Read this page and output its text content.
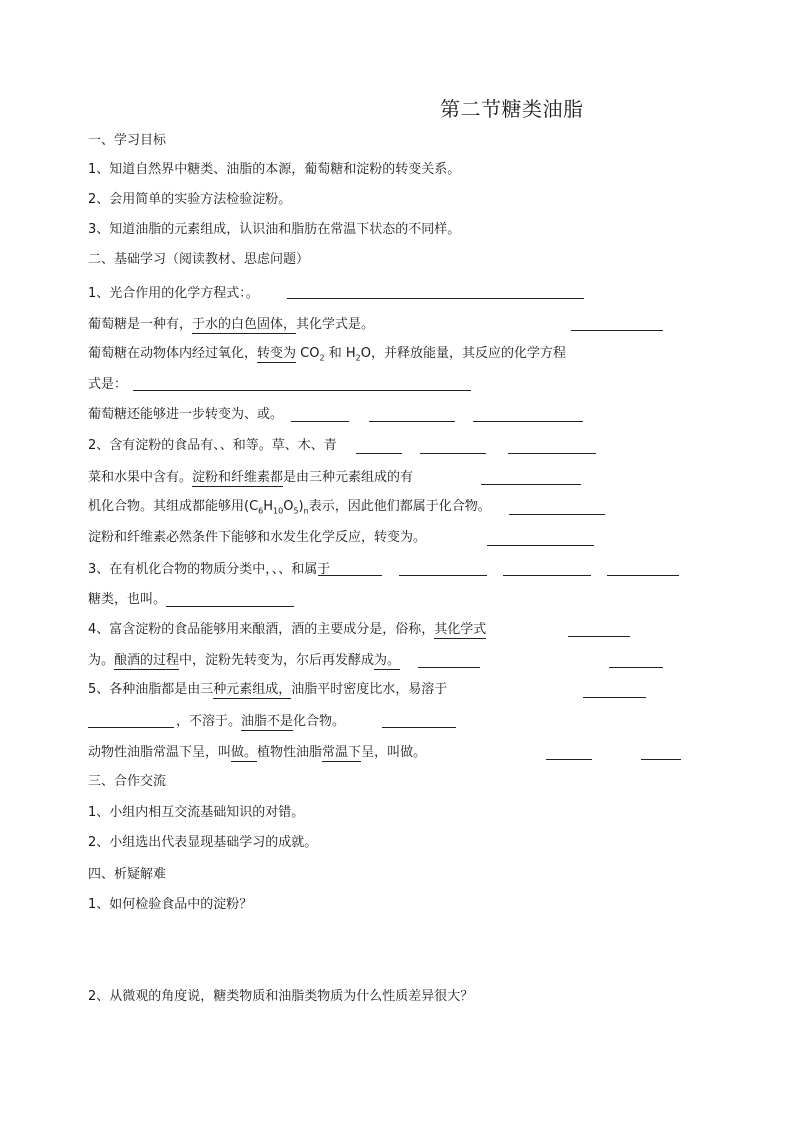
第二节糖类油脂
一、学习目标
1、知道自然界中糖类、油脂的本源，葡萄糖和淀粉的转变关系。
2、会用简单的实验方法检验淀粉。
3、知道油脂的元素组成，认识油和脂肪在常温下状态的不同样。
二、基础学习（阅读教材、思虑问题）
1、光合作用的化学方程式：。
葡萄糖是一种有，于水的白色固体，其化学式是。
葡萄糖在动物体内经过氧化，转变为 $CO_2$ 和 $H_2O$，并释放能量，其反应的化学方程
式是：
葡萄糖还能够进一步转变为、或。
2、含有淀粉的食品有、、和等。草、木、青
菜和水果中含有。淀粉和纤维素都是由三种元素组成的有
机化合物。其组成都能够用$(C_6H_{10}O_5)_n$表示，因此他们都属于化合物。
淀粉和纤维素必然条件下能够和水发生化学反应，转变为。
3、在有机化合物的物质分类中，、、和属于
糖类，也叫。
4、富含淀粉的食品能够用来酿酒，酒的主要成分是，俗称，其化学式
为。酿酒的过程中，淀粉先转变为，尔后再发酵成为。
5、各种油脂都是由三种元素组成，油脂平时密度比水，易溶于
，不溶于。油脂不是化合物。
动物性油脂常温下呈，叫做。植物性油脂常温下呈，叫做。
三、合作交流
1、小组内相互交流基础知识的对错。
2、小组选出代表显现基础学习的成就。
四、析疑解难
1、如何检验食品中的淀粉？
2、从微观的角度说，糖类物质和油脂类物质为什么性质差异很大？
